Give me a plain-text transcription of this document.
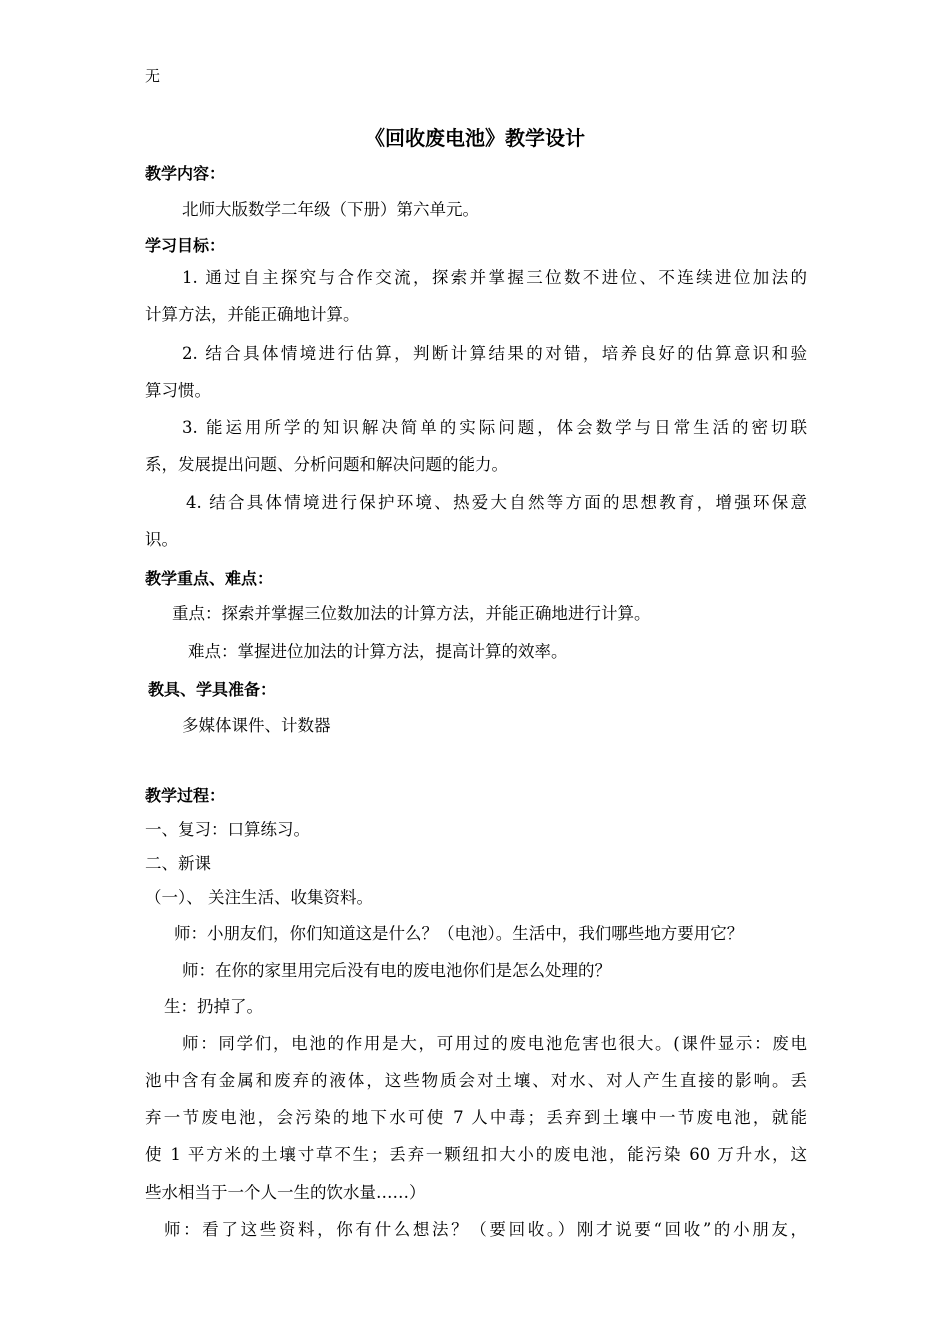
无
《回收废电池》教学设计
教学内容：
北师大版数学二年级（下册）第六单元。
学习目标：
1. 通过自主探究与合作交流，探索并掌握三位数不进位、不连续进位加法的
计算方法，并能正确地计算。
2. 结合具体情境进行估算，判断计算结果的对错，培养良好的估算意识和验
算习惯。
3. 能运用所学的知识解决简单的实际问题，体会数学与日常生活的密切联
系，发展提出问题、分析问题和解决问题的能力。
4. 结合具体情境进行保护环境、热爱大自然等方面的思想教育，增强环保意
识。
教学重点、难点：
重点：探索并掌握三位数加法的计算方法，并能正确地进行计算。
难点：掌握进位加法的计算方法，提高计算的效率。
教具、学具准备：
多媒体课件、计数器
教学过程：
一、复习：口算练习。
二、新课
（一）、 关注生活、收集资料。
师：小朋友们，你们知道这是什么？（电池）。生活中，我们哪些地方要用它？
师：在你的家里用完后没有电的废电池你们是怎么处理的？
生：扔掉了。
师：同学们，电池的作用是大，可用过的废电池危害也很大。(课件显示：废电
池中含有金属和废弃的液体，这些物质会对土壤、对水、对人产生直接的影响。丢
弃一节废电池，会污染的地下水可使 7 人中毒；丢弃到土壤中一节废电池，就能
使 1 平方米的土壤寸草不生；丢弃一颗纽扣大小的废电池，能污染 60 万升水，这
些水相当于一个人一生的饮水量……）
师：看了这些资料，你有什么想法？（要回收。）刚才说要“回收”的小朋友，
